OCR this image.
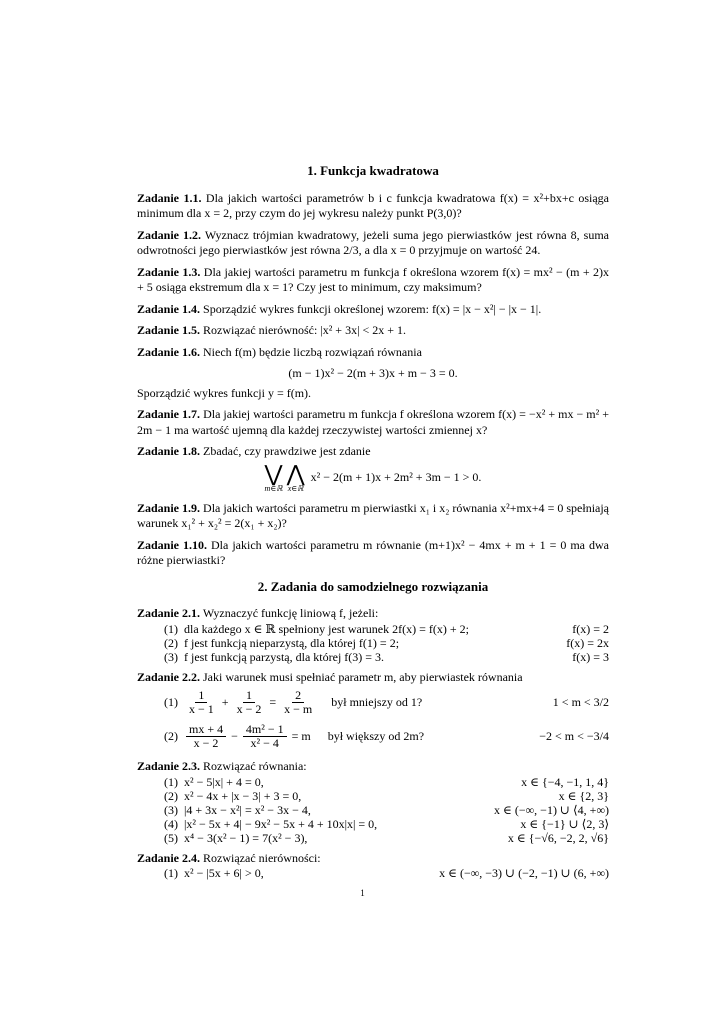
1. Funkcja kwadratowa

Zadanie 1.1. Dla jakich wartości parametrów b i c funkcja kwadratowa f(x) = x²+bx+c osiąga minimum dla x = 2, przy czym do jej wykresu należy punkt P(3,0)?

Zadanie 1.2. Wyznacz trójmian kwadratowy, jeżeli suma jego pierwiastków jest równa 8, suma odwrotności jego pierwiastków jest równa 2/3, a dla x = 0 przyjmuje on wartość 24.

Zadanie 1.3. Dla jakiej wartości parametru m funkcja f określona wzorem f(x) = mx² − (m + 2)x + 5 osiąga ekstremum dla x = 1? Czy jest to minimum, czy maksimum?

Zadanie 1.4. Sporządzić wykres funkcji określonej wzorem: f(x) = |x − x²| − |x − 1|.

Zadanie 1.5. Rozwiązać nierówność: |x² + 3x| < 2x + 1.

Zadanie 1.6. Niech f(m) będzie liczbą rozwiązań równania
(m − 1)x² − 2(m + 3)x + m − 3 = 0.
Sporządzić wykres funkcji y = f(m).

Zadanie 1.7. Dla jakiej wartości parametru m funkcja f określona wzorem f(x) = −x² + mx − m² + 2m − 1 ma wartość ujemną dla każdej rzeczywistej wartości zmiennej x?

Zadanie 1.8. Zbadać, czy prawdziwe jest zdanie
⋁
m∈ℝ
⋀
x∈ℝ
x² − 2(m + 1)x + 2m² + 3m − 1 > 0.

Zadanie 1.9. Dla jakich wartości parametru m pierwiastki x₁ i x₂ równania x²+mx+4 = 0 spełniają warunek x₁² + x₂² = 2(x₁ + x₂)?

Zadanie 1.10. Dla jakich wartości parametru m równanie (m+1)x² − 4mx + m + 1 = 0 ma dwa różne pierwiastki?

2. Zadania do samodzielnego rozwiązania
Zadanie 2.1. Wyznaczyć funkcję liniową f, jeżeli:
(1) dla każdego x ∈ ℝ spełniony jest warunek 2f(x) = f(x) + 2;	f(x) = 2
(2) f jest funkcją nieparzystą, dla której f(1) = 2;	f(x) = 2x
(3) f jest funkcją parzystą, dla której f(3) = 3.	f(x) = 3
Zadanie 2.2. Jaki warunek musi spełniać parametr m, aby pierwiastek równania
$(1) \frac{1}{x - 1} + \frac{1}{x - 2} = \frac{2}{x - m}$ był mniejszy od 1?	1 < m < 3/2
$(2) \frac{mx + 4}{x - 2} - \frac{\text{4m² − 1}}{\text{x² − 4}} = m$ był większy od 2m?	−2 < m < −3/4
Zadanie 2.3. Rozwiązać równania:
(1) x² − 5|x| + 4 = 0,	x ∈ {−4, −1, 1, 4}
(2) x² − 4x + |x − 3| + 3 = 0,	x ∈ {2, 3}
(3) |4 + 3x − x²| = x² − 3x − 4,	x ∈ (−∞, −1) ∪ ⟨4, +∞)
(4) |x² − 5x + 4| − 9x² − 5x + 4 + 10x|x| = 0,	x ∈ {−1} ∪ ⟨2, 3⟩
(5) x⁴ − 3(x² − 1) = 7(x² − 3),	x ∈ {−√6, −2, 2, √6}
Zadanie 2.4. Rozwiązać nierówności:
(1) x² − |5x + 6| > 0,	x ∈ (−∞, −3) ∪ (−2, −1) ∪ (6, +∞)
1
